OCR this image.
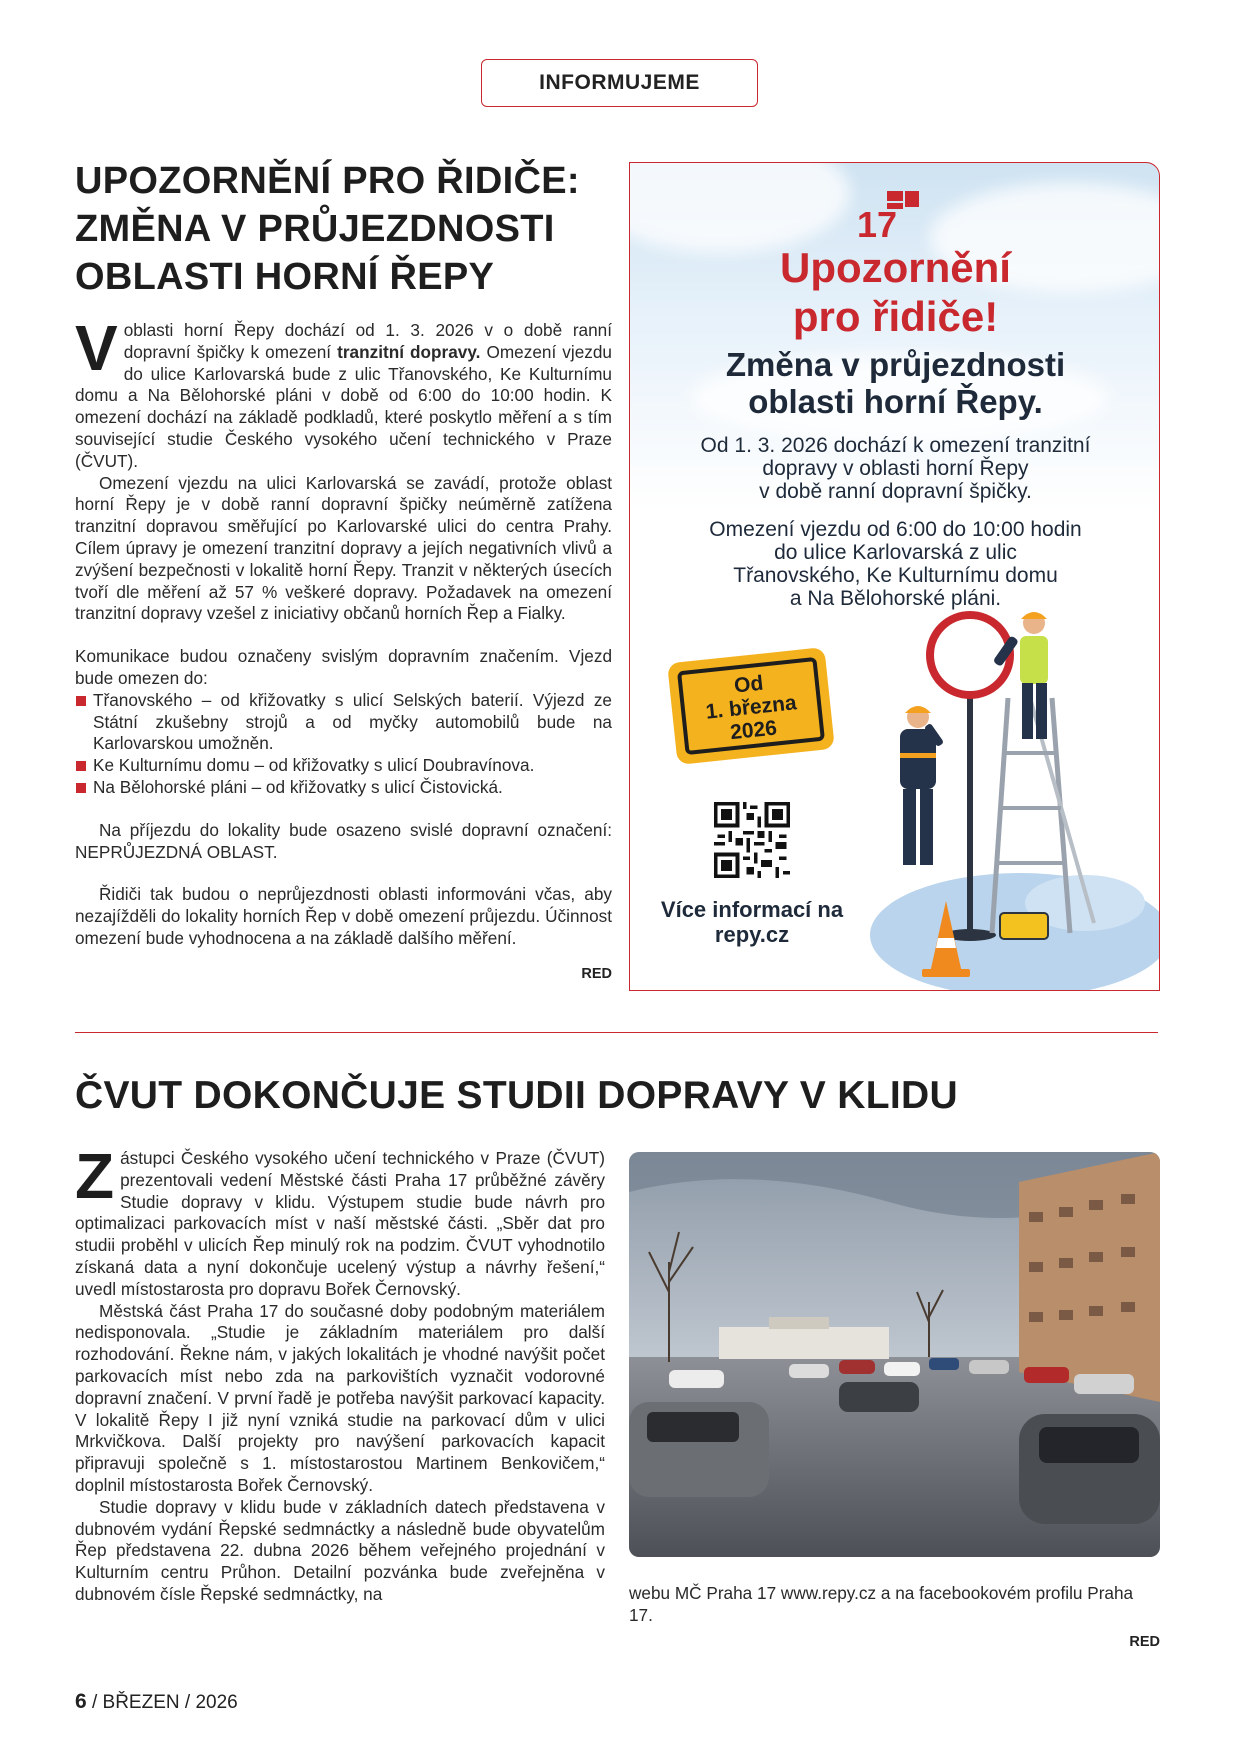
INFORMUJEME
UPOZORNĚNÍ PRO ŘIDIČE:
ZMĚNA V PRŮJEZDNOSTI
OBLASTI HORNÍ ŘEPY

V oblasti horní Řepy dochází od 1. 3. 2026 v o době ranní dopravní špičky k omezení tranzitní dopravy. Omezení vjezdu do ulice Karlovarská bude z ulic Třanovského, Ke Kulturnímu domu a Na Bělohorské pláni v době od 6:00 do 10:00 hodin. K omezení dochází na základě podkladů, které poskytlo měření a s tím související studie Českého vysokého učení technického v Praze (ČVUT).

Omezení vjezdu na ulici Karlovarská se zavádí, protože oblast horní Řepy je v době ranní dopravní špičky neúměrně zatížena tranzitní dopravou směřující po Karlovarské ulici do centra Prahy. Cílem úpravy je omezení tranzitní dopravy a jejích negativních vlivů a zvýšení bezpečnosti v lokalitě horní Řepy. Tranzit v některých úsecích tvoří dle měření až 57 % veškeré dopravy. Požadavek na omezení tranzitní dopravy vzešel z iniciativy občanů horních Řep a Fialky.

Komunikace budou označeny svislým dopravním značením. Vjezd bude omezen do:

Třanovského – od křižovatky s ulicí Selských baterií. Výjezd ze Státní zkušebny strojů a od myčky automobilů bude na Karlovarskou umožněn.
Ke Kulturnímu domu – od křižovatky s ulicí Doubravínova.
Na Bělohorské pláni – od křižovatky s ulicí Čistovická.

Na příjezdu do lokality bude osazeno svislé dopravní označení: NEPRŮJEZDNÁ OBLAST.

Řidiči tak budou o neprůjezdnosti oblasti informováni včas, aby nezajížděli do lokality horních Řep v době omezení průjezdu. Účinnost omezení bude vyhodnocena a na základě dalšího měření.

RED
17
Upozornění
pro řidiče!
Změna v průjezdnosti
oblasti horní Řepy.
Od 1. 3. 2026 dochází k omezení tranzitní
dopravy v oblasti horní Řepy
v době ranní dopravní špičky.
Omezení vjezdu od 6:00 do 10:00 hodin
do ulice Karlovarská z ulic
Třanovského, Ke Kulturnímu domu
a Na Bělohorské pláni.
Od
1. března
2026
Více informací na
repy.cz
ČVUT DOKONČUJE STUDII DOPRAVY V KLIDU

Zástupci Českého vysokého učení technického v Praze (ČVUT) prezentovali vedení Městské části Praha 17 průběžné závěry Studie dopravy v klidu. Výstupem studie bude návrh pro optimalizaci parkovacích míst v naší městské části. „Sběr dat pro studii proběhl v ulicích Řep minulý rok na podzim. ČVUT vyhodnotilo získaná data a nyní dokončuje ucelený výstup a návrhy řešení,“ uvedl místostarosta pro dopravu Bořek Černovský.

Městská část Praha 17 do současné doby podobným materiálem nedisponovala. „Studie je základním materiálem pro další rozhodování. Řekne nám, v jakých lokalitách je vhodné navýšit počet parkovacích míst nebo zda na parkovištích vyznačit vodorovné dopravní značení. V první řadě je potřeba navýšit parkovací kapacity. V lokalitě Řepy I již nyní vzniká studie na parkovací dům v ulici Mrkvičkova. Další projekty pro navýšení parkovacích kapacit připravuji společně s 1. místostarostou Martinem Benkovičem,“ doplnil místostarosta Bořek Černovský.

Studie dopravy v klidu bude v základních datech představena v dubnovém vydání Řepské sedmnáctky a následně bude obyvatelům Řep představena 22. dubna 2026 během veřejného projednání v Kulturním centru Průhon. Detailní pozvánka bude zveřejněna v dubnovém čísle Řepské sedmnáctky, na	webu MČ Praha 17 www.repy.cz a na facebookovém profilu Praha 17.
RED
6 / BŘEZEN / 2026
